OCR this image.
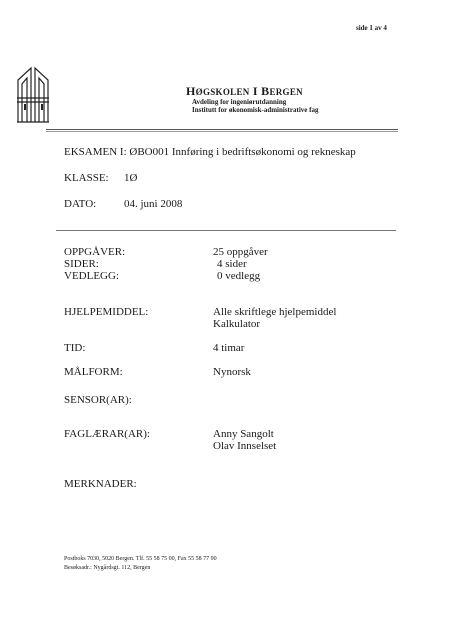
side 1 av 4
HØGSKOLEN I BERGEN
Avdeling for ingeniørutdanning
Institutt for økonomisk-administrative fag
EKSAMEN I: ØBO001 Innføring i bedriftsøkonomi og rekneskap
KLASSE: 1Ø
DATO:	04. juni 2008
OPPGÅVER:	25 oppgåver
SIDER:	4 sider
VEDLEGG:	0 vedlegg
HJELPEMIDDEL:	Alle skriftlege hjelpemiddel
Kalkulator
TID:	4 timar
MÅLFORM:	Nynorsk
SENSOR(AR):
FAGLÆRAR(AR):	Anny Sangolt
Olav Innselset
MERKNADER:
Postboks 7030, 5020 Bergen. Tlf. 55 58 75 00, Fax 55 58 77 90
Besøksadr.: Nygårdsgt. 112, Bergen
